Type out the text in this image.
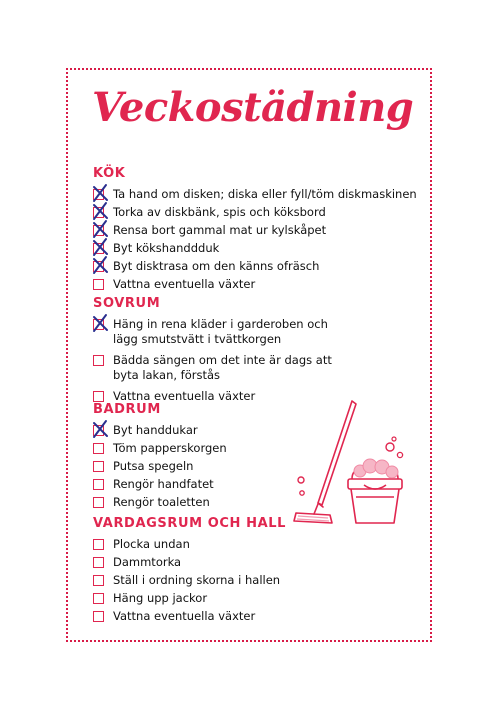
Veckostädning
KÖK
Ta hand om disken; diska eller fyll/töm diskmaskinen
Torka av diskbänk, spis och köksbord
Rensa bort gammal mat ur kylskåpet
Byt kökshanddduk
Byt disktrasa om den känns ofräsch
Vattna eventuella växter
SOVRUM
Häng in rena kläder i garderoben och lägg smutstvätt i tvättkorgen
Bädda sängen om det inte är dags att byta lakan, förstås
Vattna eventuella växter
BADRUM
Byt handdukar
Töm papperskorgen
Putsa spegeln
Rengör handfatet
Rengör toaletten
VARDAGSRUM OCH HALL
Plocka undan
Dammtorka
Ställ i ordning skorna i hallen
Häng upp jackor
Vattna eventuella växter
